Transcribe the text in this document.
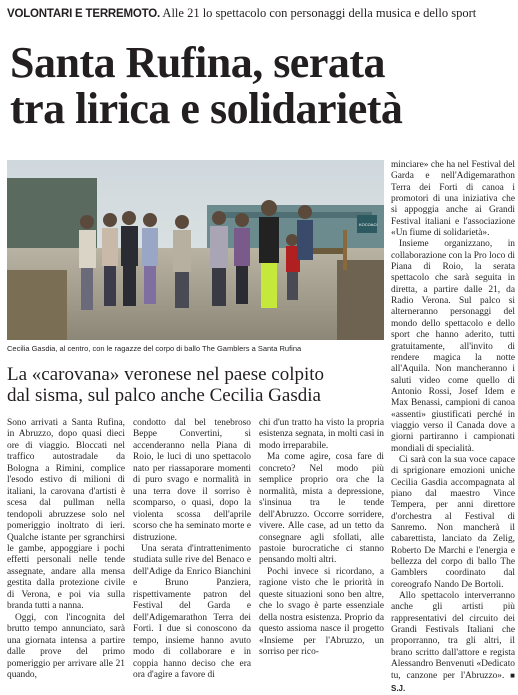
VOLONTARI E TERREMOTO. Alle 21 lo spettacolo con personaggi della musica e dello sport
Santa Rufina, serata
tra lirica e solidarietà
KOCOACI
Cecilia Gasdia, al centro, con le ragazze del corpo di ballo The Gamblers a Santa Rufina
La «carovana» veronese nel paese colpito
dal sisma, sul palco anche Cecilia Gasdia

Sono arrivati a Santa Rufina, in Abruzzo, dopo quasi dieci ore di viaggio. Bloccati nel traffico autostradale da Bologna a Rimini, complice l'esodo estivo di milioni di italiani, la carovana d'artisti è scesa dal pullman nella tendopoli abruzzese solo nel pomeriggio inoltrato di ieri. Qualche istante per sgranchirsi le gambe, appoggiare i pochi effetti personali nelle tende assegnate, andare alla mensa gestita dalla protezione civile di Verona, e poi via sulla branda tutti a nanna.

Oggi, con l'incognita del brutto tempo annunciato, sarà una giornata intensa a partire dalle prove del primo pomeriggio per arrivare alle 21 quando,

condotto dal bel tenebroso Beppe Convertini, si accenderanno nella Piana di Roio, le luci di uno spettacolo nato per riassaporare momenti di puro svago e normalità in una terra dove il sorriso è scomparso, o quasi, dopo la violenta scossa dell'aprile scorso che ha seminato morte e distruzione.

Una serata d'intrattenimento studiata sulle rive del Benaco e dell'Adige da Enrico Bianchini e Bruno Panziera, rispettivamente patron del Festival del Garda e dell'Adigemarathon Terra dei Forti. I due si conoscono da tempo, insieme hanno avuto modo di collaborare e in coppia hanno deciso che era ora d'agire a favore di

chi d'un tratto ha visto la propria esistenza segnata, in molti casi in modo irreparabile.

Ma come agire, cosa fare di concreto? Nel modo più semplice proprio ora che la normalità, mista a depressione, s'insinua tra le tende dell'Abruzzo. Occorre sorridere, vivere. Alle case, ad un tetto da consegnare agli sfollati, alle pastoie burocratiche ci stanno pensando molti altri.

Pochi invece si ricordano, a ragione visto che le priorità in queste situazioni sono ben altre, che lo svago è parte essenziale della nostra esistenza. Proprio da questo assioma nasce il progetto «Insieme per l'Abruzzo, un sorriso per rico-

minciare» che ha nel Festival del Garda e nell'Adigemarathon Terra dei Forti di canoa i promotori di una iniziativa che si appoggia anche ai Grandi Festival italiani e l'associazione «Un fiume di solidarietà».

Insieme organizzano, in collaborazione con la Pro loco di Piana di Roio, la serata spettacolo che sarà seguita in diretta, a partire dalle 21, da Radio Verona. Sul palco si alterneranno personaggi del mondo dello spettacolo e dello sport che hanno aderito, tutti gratuitamente, all'invito di rendere magica la notte all'Aquila. Non mancheranno i saluti video come quello di Antonio Rossi, Josef Idem e Max Benassi, campioni di canoa «assenti» giustificati perché in viaggio verso il Canada dove a giorni partiranno i campionati mondiali di specialità.

Ci sarà con la sua voce capace di sprigionare emozioni uniche Cecilia Gasdia accompagnata al piano dal maestro Vince Tempera, per anni direttore d'orchestra al Festival di Sanremo. Non mancherà il cabarettista, lanciato da Zelig, Roberto De Marchi e l'energia e bellezza del corpo di ballo The Gamblers coordinato dal coreografo Nando De Bortoli.

Allo spettacolo interverranno anche gli artisti più rappresentativi del circuito dei Grandi Festivals Italiani che proporranno, tra gli altri, il brano scritto dall'attore e regista Alessandro Benvenuti «Dedicato tu, canzone per l'Abruzzo». ■ S.J.
